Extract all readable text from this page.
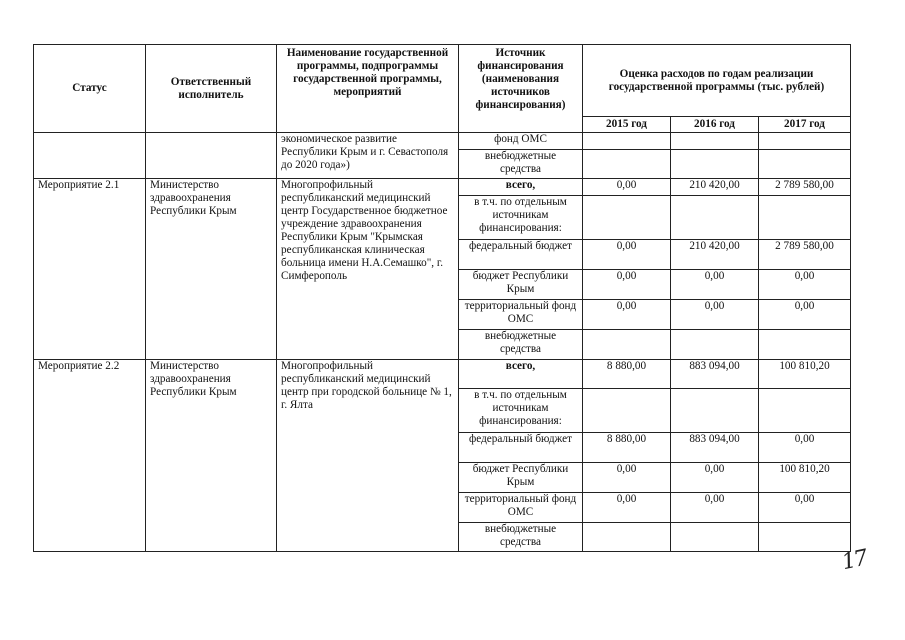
Статус	Ответственный исполнитель	Наименование государственной программы, подпрограммы государственной программы, мероприятий	Источник финансирования (наименования источников финансирования)	Оценка расходов по годам реализации государственной программы (тыс. рублей)		
				2015 год	2016 год	2017 год
		экономическое развитие Республики Крым и г. Севастополя до 2020 года»)	фонд ОМС			
			внебюджетные средства			
Мероприятие 2.1	Министерство здравоохранения Республики Крым	Многопрофильный республиканский медицинский центр Государственное бюджетное учреждение здравоохранения Республики Крым "Крымская республиканская клиническая больница имени Н.А.Семашко", г. Симферополь	всего,	0,00	210 420,00	2 789 580,00
			в т.ч. по отдельным источникам финансирования:			
			федеральный бюджет	0,00	210 420,00	2 789 580,00
			бюджет Республики Крым	0,00	0,00	0,00
			территориальный фонд ОМС	0,00	0,00	0,00
			внебюджетные средства			
Мероприятие 2.2	Министерство здравоохранения Республики Крым	Многопрофильный республиканский медицинский центр при городской больнице № 1, г. Ялта	всего,	8 880,00	883 094,00	100 810,20
			в т.ч. по отдельным источникам финансирования:			
			федеральный бюджет	8 880,00	883 094,00	0,00
			бюджет Республики Крым	0,00	0,00	100 810,20
			территориальный фонд ОМС	0,00	0,00	0,00
			внебюджетные средства			
17
